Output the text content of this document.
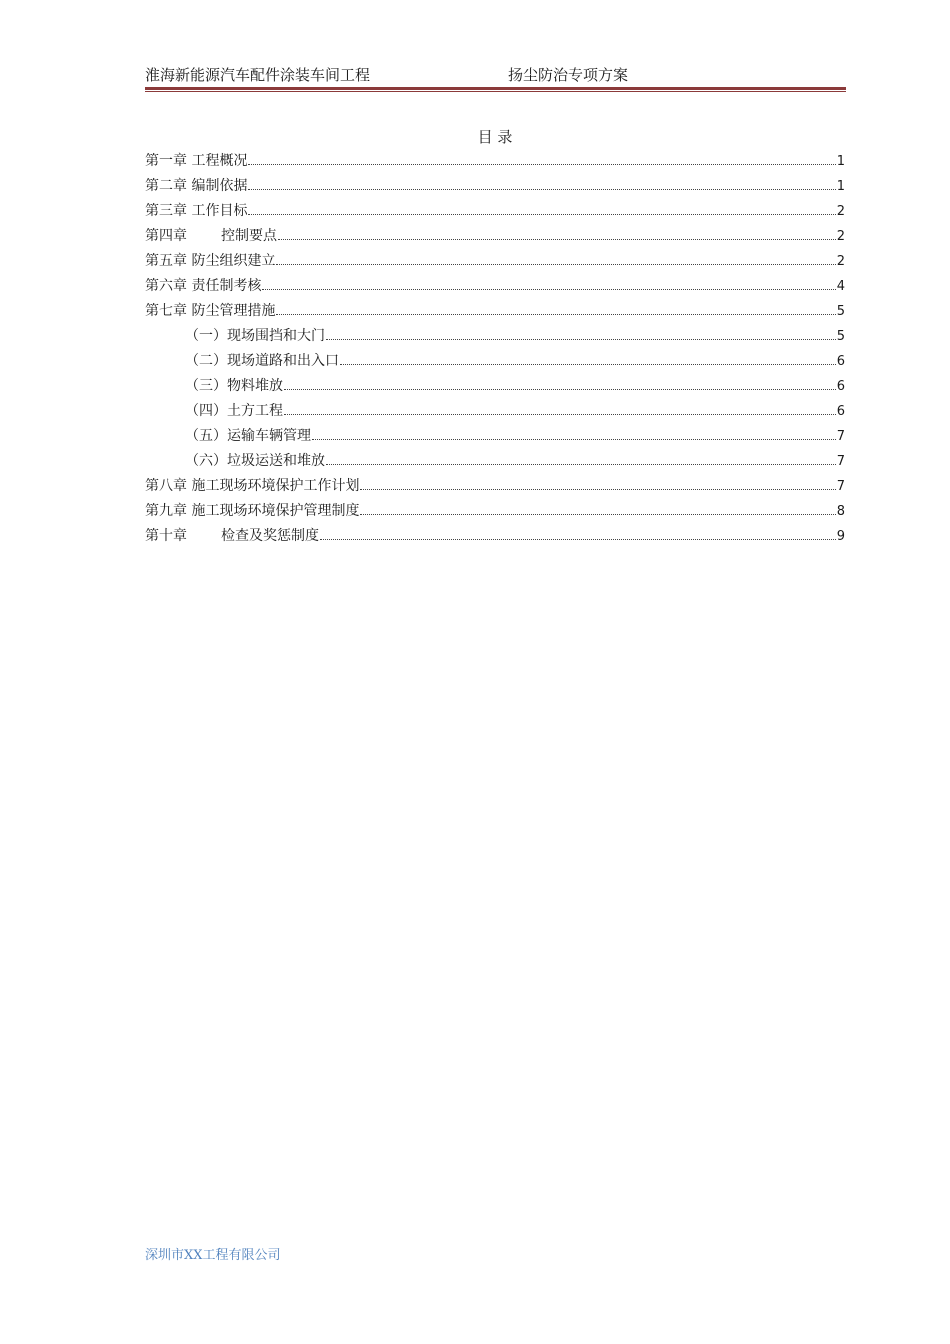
淮海新能源汽车配件涂装车间工程	扬尘防治专项方案
目 录
第一章 工程概况	1
第二章 编制依据	1
第三章 工作目标	2
第四章 控制要点	2
第五章 防尘组织建立	2
第六章 责任制考核	4
第七章 防尘管理措施	5
（一）现场围挡和大门	5
（二）现场道路和出入口	6
（三）物料堆放	6
（四）土方工程	6
（五）运输车辆管理	7
（六）垃圾运送和堆放	7
第八章 施工现场环境保护工作计划	7
第九章 施工现场环境保护管理制度	8
第十章 检查及奖惩制度	9
深圳市XX工程有限公司
